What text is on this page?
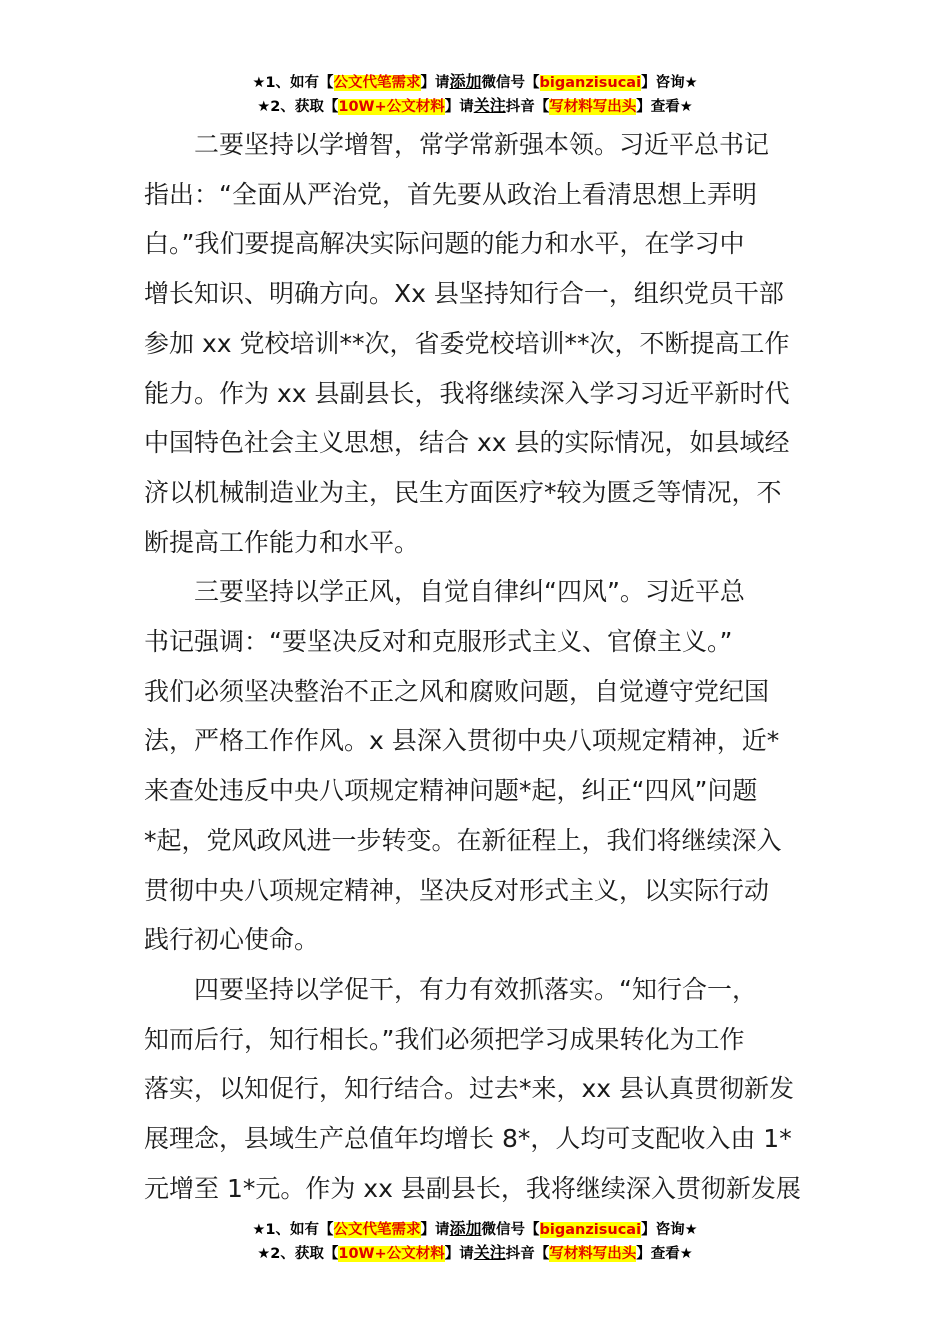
★1、如有【公文代笔需求】请添加微信号【biganzisucai】咨询★
★2、获取【10W+公文材料】请关注抖音【写材料写出头】查看★
二要坚持以学增智，常学常新强本领。习近平总书记
指出：“全面从严治党，首先要从政治上看清思想上弄明
白。”我们要提高解决实际问题的能力和水平，在学习中
增长知识、明确方向。Xx 县坚持知行合一，组织党员干部
参加 xx 党校培训**次，省委党校培训**次，不断提高工作
能力。作为 xx 县副县长，我将继续深入学习习近平新时代
中国特色社会主义思想，结合 xx 县的实际情况，如县域经
济以机械制造业为主，民生方面医疗*较为匮乏等情况，不
断提高工作能力和水平。
三要坚持以学正风，自觉自律纠“四风”。习近平总
书记强调：“要坚决反对和克服形式主义、官僚主义。”
我们必须坚决整治不正之风和腐败问题，自觉遵守党纪国
法，严格工作作风。x 县深入贯彻中央八项规定精神，近*
来查处违反中央八项规定精神问题*起，纠正“四风”问题
*起，党风政风进一步转变。在新征程上，我们将继续深入
贯彻中央八项规定精神，坚决反对形式主义，以实际行动
践行初心使命。
四要坚持以学促干，有力有效抓落实。“知行合一，
知而后行，知行相长。”我们必须把学习成果转化为工作
落实，以知促行，知行结合。过去*来，xx 县认真贯彻新发
展理念，县域生产总值年均增长 8*，人均可支配收入由 1*
元增至 1*元。作为 xx 县副县长，我将继续深入贯彻新发展
★1、如有【公文代笔需求】请添加微信号【biganzisucai】咨询★
★2、获取【10W+公文材料】请关注抖音【写材料写出头】查看★
